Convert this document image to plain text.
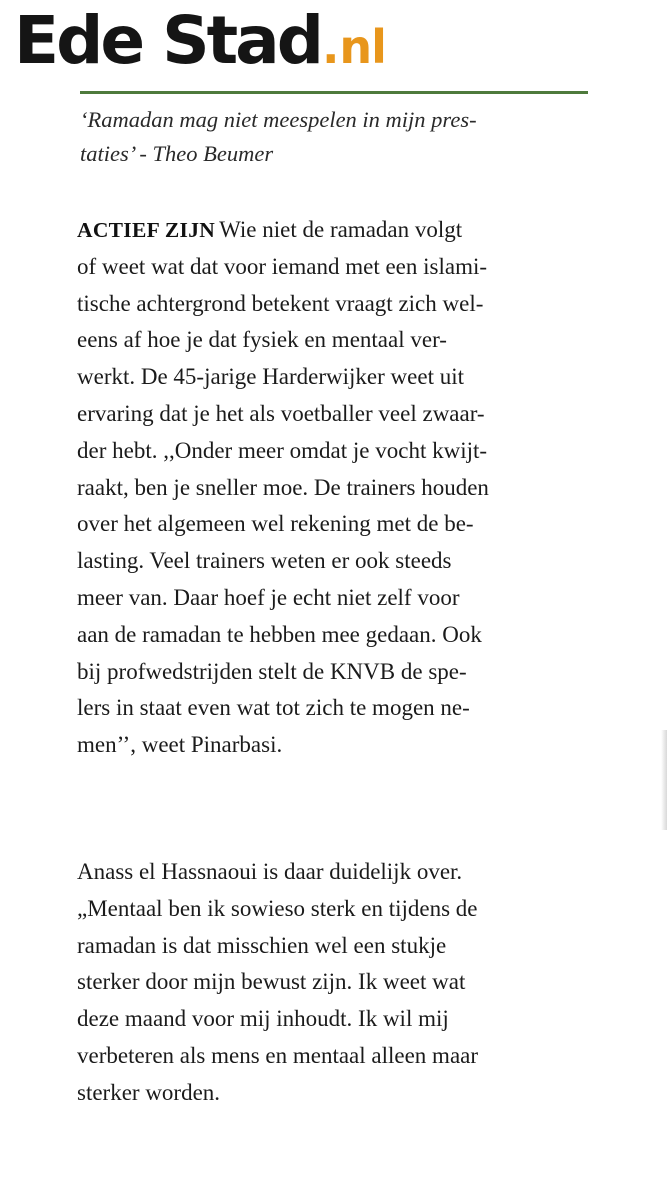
Ede Stad.nl
‘Ramadan mag niet meespelen in mijn pres-
taties’ - Theo Beumer
ACTIEF ZIJN Wie niet de ramadan volgt
of weet wat dat voor iemand met een islami-
tische achtergrond betekent vraagt zich wel-
eens af hoe je dat fysiek en mentaal ver-
werkt. De 45-jarige Harderwijker weet uit
ervaring dat je het als voetballer veel zwaar-
der hebt. ,,Onder meer omdat je vocht kwijt-
raakt, ben je sneller moe. De trainers houden
over het algemeen wel rekening met de be-
lasting. Veel trainers weten er ook steeds
meer van. Daar hoef je echt niet zelf voor
aan de ramadan te hebben mee gedaan. Ook
bij profwedstrijden stelt de KNVB de spe-
lers in staat even wat tot zich te mogen ne-
men’’, weet Pinarbasi.
Anass el Hassnaoui is daar duidelijk over.
„Mentaal ben ik sowieso sterk en tijdens de
ramadan is dat misschien wel een stukje
sterker door mijn bewust zijn. Ik weet wat
deze maand voor mij inhoudt. Ik wil mij
verbeteren als mens en mentaal alleen maar
sterker worden.
